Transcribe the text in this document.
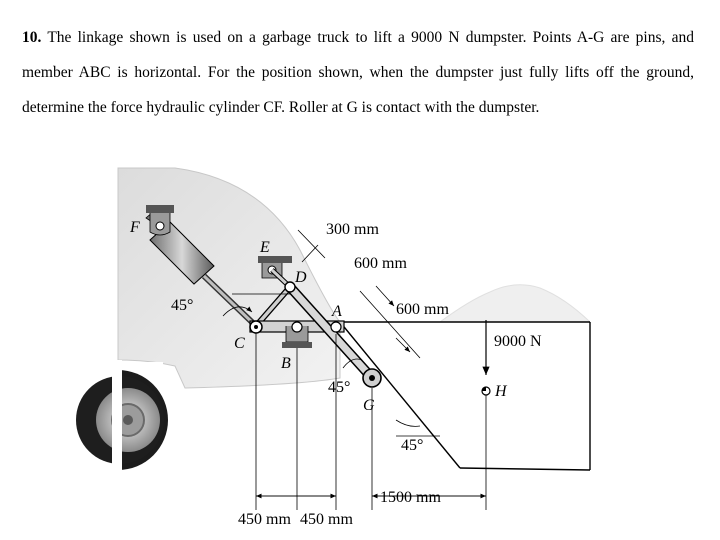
10. The linkage shown is used on a garbage truck to lift a 9000 N dumpster. Points A-G are pins, and member ABC is horizontal. For the position shown, when the dumpster just fully lifts off the ground, determine the force hydraulic cylinder CF. Roller at G is contact with the dumpster.
F
E
D
C
B
A
G
H
300 mm
600 mm
600 mm
9000 N
1500 mm
450 mm 450 mm
45°
45°
45°
